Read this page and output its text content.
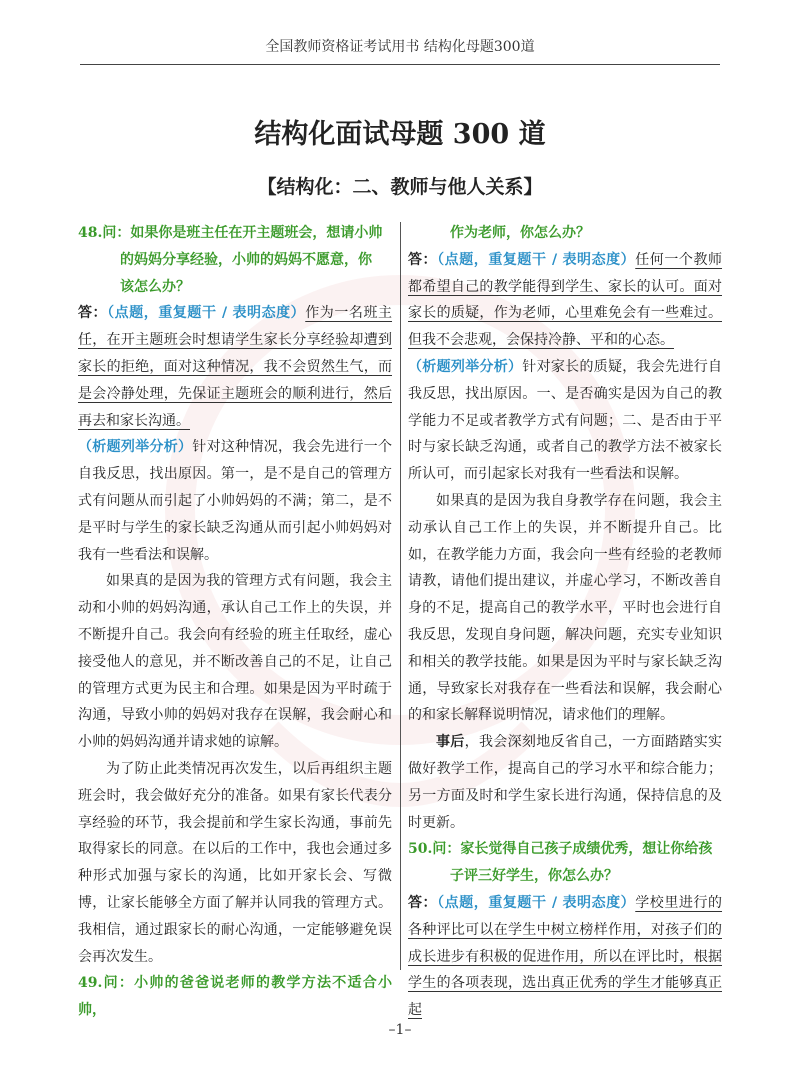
全国教师资格证考试用书 结构化母题300道
结构化面试母题 300 道
【结构化：二、教师与他人关系】
48.问：如果你是班主任在开主题班会，想请小帅
的妈妈分享经验，小帅的妈妈不愿意，你
该怎么办？
答：（点题，重复题干 / 表明态度）作为一名班主任，在开主题班会时想请学生家长分享经验却遭到家长的拒绝，面对这种情况，我不会贸然生气，而是会冷静处理，先保证主题班会的顺利进行，然后再去和家长沟通。
（析题列举分析）针对这种情况，我会先进行一个自我反思，找出原因。第一，是不是自己的管理方式有问题从而引起了小帅妈妈的不满；第二，是不是平时与学生的家长缺乏沟通从而引起小帅妈妈对我有一些看法和误解。
如果真的是因为我的管理方式有问题，我会主动和小帅的妈妈沟通，承认自己工作上的失误，并不断提升自己。我会向有经验的班主任取经，虚心接受他人的意见，并不断改善自己的不足，让自己的管理方式更为民主和合理。如果是因为平时疏于沟通，导致小帅的妈妈对我存在误解，我会耐心和小帅的妈妈沟通并请求她的谅解。
为了防止此类情况再次发生，以后再组织主题班会时，我会做好充分的准备。如果有家长代表分享经验的环节，我会提前和学生家长沟通，事前先取得家长的同意。在以后的工作中，我也会通过多种形式加强与家长的沟通，比如开家长会、写微博，让家长能够全方面了解并认同我的管理方式。我相信，通过跟家长的耐心沟通，一定能够避免误会再次发生。
49.问：小帅的爸爸说老师的教学方法不适合小帅，
作为老师，你怎么办？
答：（点题，重复题干 / 表明态度）任何一个教师都希望自己的教学能得到学生、家长的认可。面对家长的质疑，作为老师，心里难免会有一些难过。但我不会悲观，会保持冷静、平和的心态。
（析题列举分析）针对家长的质疑，我会先进行自我反思，找出原因。一、是否确实是因为自己的教学能力不足或者教学方式有问题；二、是否由于平时与家长缺乏沟通，或者自己的教学方法不被家长所认可，而引起家长对我有一些看法和误解。
如果真的是因为我自身教学存在问题，我会主动承认自己工作上的失误，并不断提升自己。比如，在教学能力方面，我会向一些有经验的老教师请教，请他们提出建议，并虚心学习，不断改善自身的不足，提高自己的教学水平，平时也会进行自我反思，发现自身问题，解决问题，充实专业知识和相关的教学技能。如果是因为平时与家长缺乏沟通，导致家长对我存在一些看法和误解，我会耐心的和家长解释说明情况，请求他们的理解。
事后，我会深刻地反省自己，一方面踏踏实实做好教学工作，提高自己的学习水平和综合能力；另一方面及时和学生家长进行沟通，保持信息的及时更新。
50.问：家长觉得自己孩子成绩优秀，想让你给孩
子评三好学生，你怎么办？
答：（点题，重复题干 / 表明态度）学校里进行的各种评比可以在学生中树立榜样作用，对孩子们的成长进步有积极的促进作用，所以在评比时，根据学生的各项表现，选出真正优秀的学生才能够真正起
–1–
